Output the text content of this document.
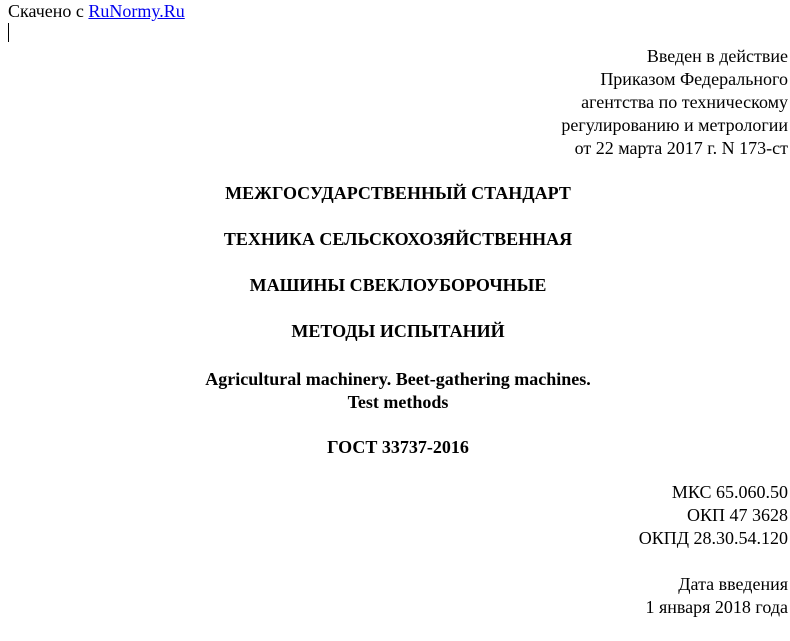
Скачено с RuNormy.Ru
Введен в действие
Приказом Федерального
агентства по техническому
регулированию и метрологии
от 22 марта 2017 г. N 173-ст
МЕЖГОСУДАРСТВЕННЫЙ СТАНДАРТ
ТЕХНИКА СЕЛЬСКОХОЗЯЙСТВЕННАЯ
МАШИНЫ СВЕКЛОУБОРОЧНЫЕ
МЕТОДЫ ИСПЫТАНИЙ
Agricultural machinery. Beet-gathering machines.
Test methods
ГОСТ 33737-2016
МКС 65.060.50
ОКП 47 3628
ОКПД 28.30.54.120
Дата введения
1 января 2018 года
